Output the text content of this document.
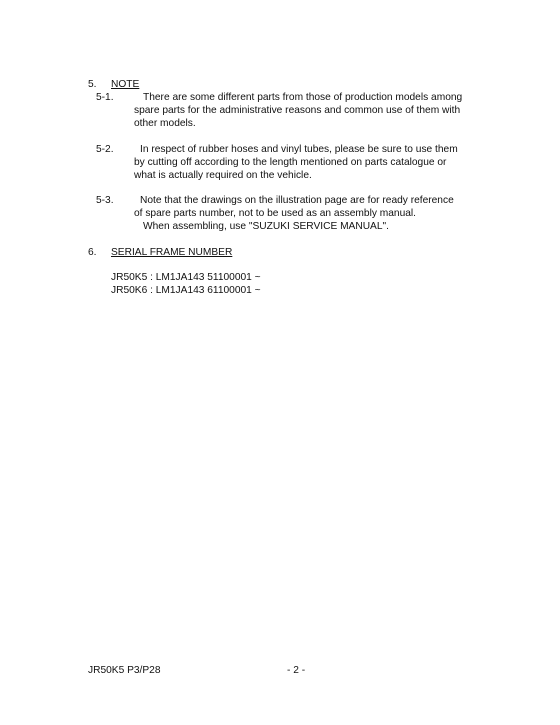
5. NOTE
5-1.	There are some different parts from those of production models among
spare parts for the administrative reasons and common use of them with
other models.
5-2.	In respect of rubber hoses and vinyl tubes, please be sure to use them
by cutting off according to the length mentioned on parts catalogue or
what is actually required on the vehicle.
5-3.	Note that the drawings on the illustration page are for ready reference
of spare parts number, not to be used as an assembly manual.
When assembling, use "SUZUKI SERVICE MANUAL".
6. SERIAL FRAME NUMBER
JR50K5 : LM1JA143 51100001 ~
JR50K6 : LM1JA143 61100001 ~
JR50K5 P3/P28	- 2 -
